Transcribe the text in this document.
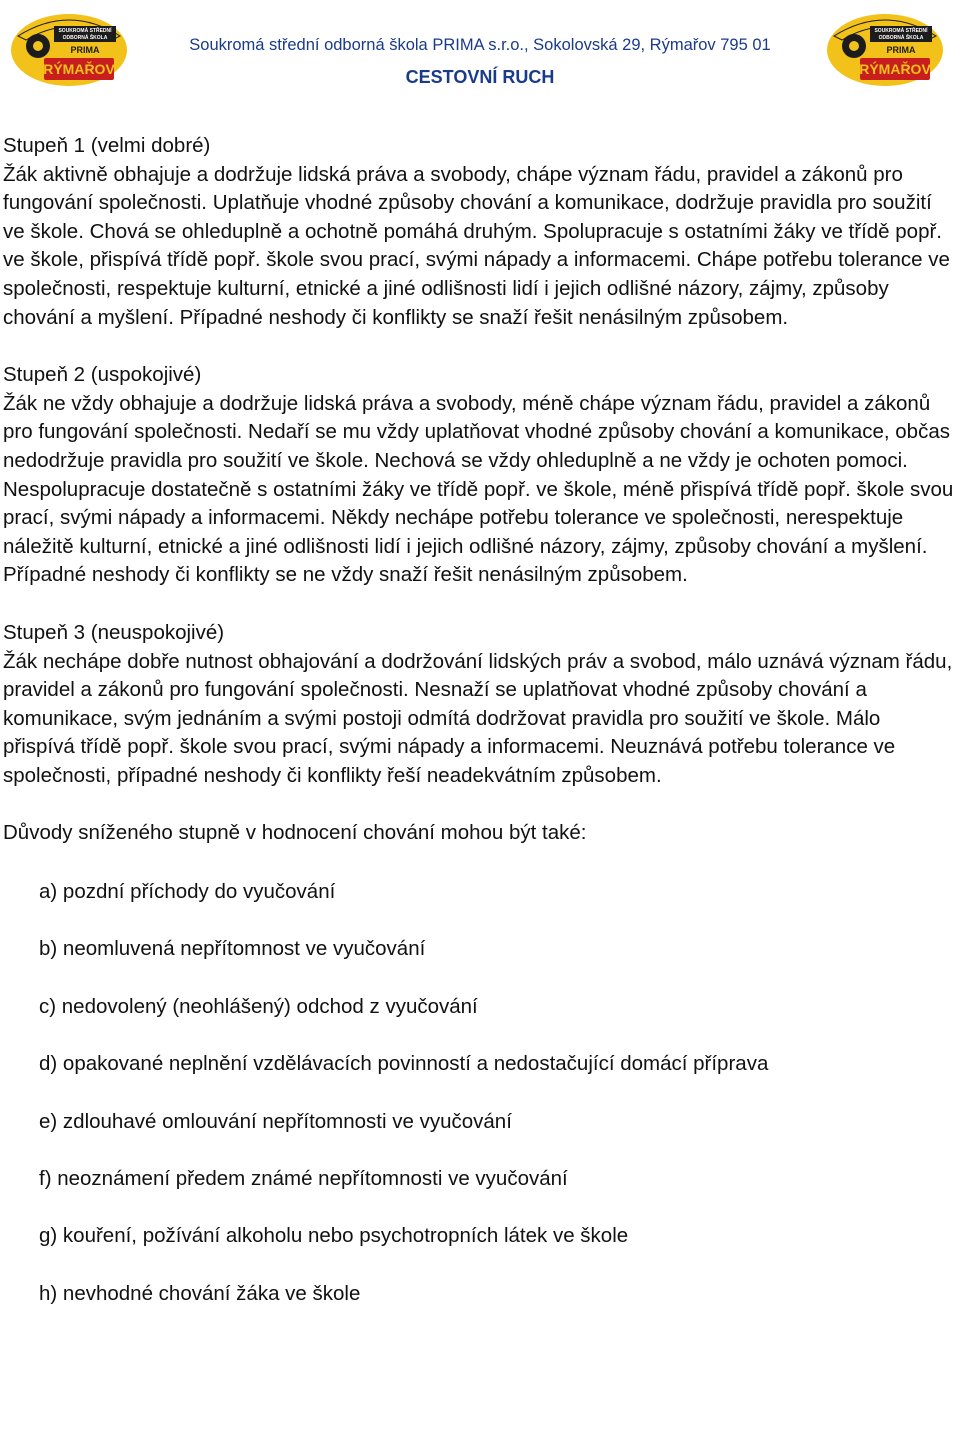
SOUKROMÁ STŘEDNÍ
ODBORNÁ ŠKOLA
PRIMA
RÝMAŘOV
Soukromá střední odborná škola PRIMA s.r.o., Sokolovská 29, Rýmařov 795 01
CESTOVNÍ RUCH
SOUKROMÁ STŘEDNÍ
ODBORNÁ ŠKOLA
PRIMA
RÝMAŘOV

Stupeň 1 (velmi dobré)
Žák aktivně obhajuje a dodržuje lidská práva a svobody, chápe význam řádu, pravidel a zákonů pro fungování společnosti. Uplatňuje vhodné způsoby chování a komunikace, dodržuje pravidla pro soužití ve škole. Chová se ohleduplně a ochotně pomáhá druhým. Spolupracuje s ostatními žáky ve třídě popř. ve škole, přispívá třídě popř. škole svou prací, svými nápady a informacemi. Chápe potřebu tolerance ve společnosti, respektuje kulturní, etnické a jiné odlišnosti lidí i jejich odlišné názory, zájmy, způsoby chování a myšlení. Případné neshody či konflikty se snaží řešit nenásilným způsobem.

Stupeň 2 (uspokojivé)
Žák ne vždy obhajuje a dodržuje lidská práva a svobody, méně chápe význam řádu, pravidel a zákonů pro fungování společnosti. Nedaří se mu vždy uplatňovat vhodné způsoby chování a komunikace, občas nedodržuje pravidla pro soužití ve škole. Nechová se vždy ohleduplně a ne vždy je ochoten pomoci. Nespolupracuje dostatečně s ostatními žáky ve třídě popř. ve škole, méně přispívá třídě popř. škole svou prací, svými nápady a informacemi. Někdy nechápe potřebu tolerance ve společnosti, nerespektuje náležitě kulturní, etnické a jiné odlišnosti lidí i jejich odlišné názory, zájmy, způsoby chování a myšlení. Případné neshody či konflikty se ne vždy snaží řešit nenásilným způsobem.

Stupeň 3 (neuspokojivé)
Žák nechápe dobře nutnost obhajování a dodržování lidských práv a svobod, málo uznává význam řádu, pravidel a zákonů pro fungování společnosti. Nesnaží se uplatňovat vhodné způsoby chování a komunikace, svým jednáním a svými postoji odmítá dodržovat pravidla pro soužití ve škole. Málo přispívá třídě popř. škole svou prací, svými nápady a informacemi. Neuznává potřebu tolerance ve společnosti, případné neshody či konflikty řeší neadekvátním způsobem.

Důvody sníženého stupně v hodnocení chování mohou být také:

a) pozdní příchody do vyučování
b) neomluvená nepřítomnost ve vyučování
c) nedovolený (neohlášený) odchod z vyučování
d) opakované neplnění vzdělávacích povinností a nedostačující domácí příprava
e) zdlouhavé omlouvání nepřítomnosti ve vyučování
f) neoznámení předem známé nepřítomnosti ve vyučování
g) kouření, požívání alkoholu nebo psychotropních látek ve škole
h) nevhodné chování žáka ve škole
